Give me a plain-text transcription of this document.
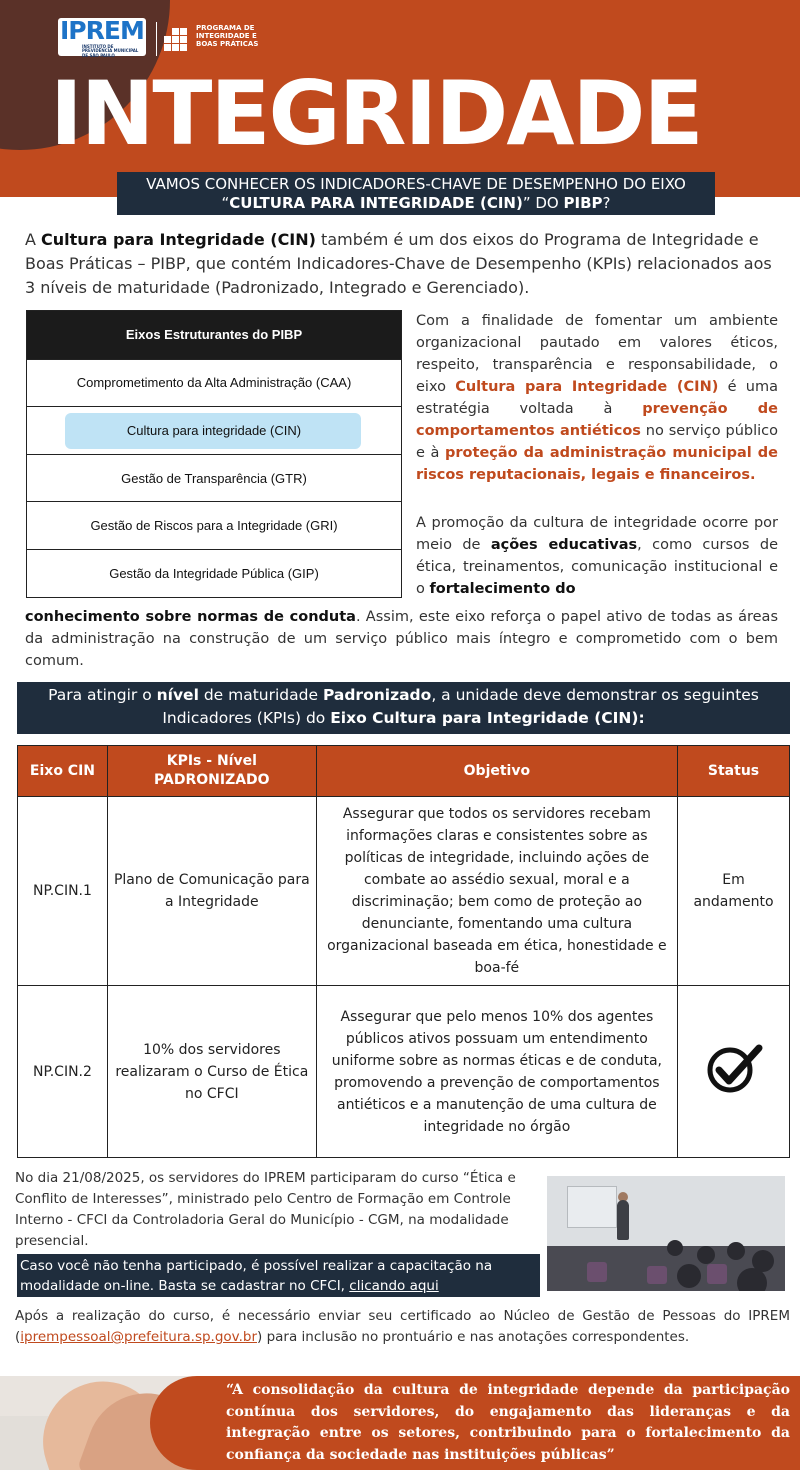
IPREM
INSTITUTO DE PREVIDÊNCIA MUNICIPAL DE SÃO PAULO
PROGRAMA DE INTEGRIDADE E BOAS PRÁTICAS
INTEGRIDADE
VAMOS CONHECER OS INDICADORES-CHAVE DE DESEMPENHO DO EIXO
“CULTURA PARA INTEGRIDADE (CIN)” DO PIBP?

A Cultura para Integridade (CIN) também é um dos eixos do Programa de Integridade e Boas Práticas – PIBP, que contém Indicadores-Chave de Desempenho (KPIs) relacionados aos 3 níveis de maturidade (Padronizado, Integrado e Gerenciado).

Eixos Estruturantes do PIBP
Comprometimento da Alta Administração (CAA)
Cultura para integridade (CIN)
Gestão de Transparência (GTR)
Gestão de Riscos para a Integridade (GRI)
Gestão da Integridade Pública (GIP)

Com a finalidade de fomentar um ambiente organizacional pautado em valores éticos, respeito, transparência e responsabilidade, o eixo Cultura para Integridade (CIN) é uma estratégia voltada à prevenção de comportamentos antiéticos no serviço público e à proteção da administração municipal de riscos reputacionais, legais e financeiros.

A promoção da cultura de integridade ocorre por meio de ações educativas, como cursos de ética, treinamentos, comunicação institucional e o fortalecimento do

conhecimento sobre normas de conduta. Assim, este eixo reforça o papel ativo de todas as áreas da administração na construção de um serviço público mais íntegro e comprometido com o bem comum.

Para atingir o nível de maturidade Padronizado, a unidade deve demonstrar os seguintes Indicadores (KPIs) do Eixo Cultura para Integridade (CIN):
Eixo CIN	KPIs - Nível PADRONIZADO	Objetivo	Status
NP.CIN.1	Plano de Comunicação para a Integridade	Assegurar que todos os servidores recebam informações claras e consistentes sobre as políticas de integridade, incluindo ações de combate ao assédio sexual, moral e a discriminação; bem como de proteção ao denunciante, fomentando uma cultura organizacional baseada em ética, honestidade e boa-fé	Em andamento
NP.CIN.2	10% dos servidores realizaram o Curso de Ética no CFCI	Assegurar que pelo menos 10% dos agentes públicos ativos possuam um entendimento uniforme sobre as normas éticas e de conduta, promovendo a prevenção de comportamentos antiéticos e a manutenção de uma cultura de integridade no órgão	

No dia 21/08/2025, os servidores do IPREM participaram do curso “Ética e Conflito de Interesses”, ministrado pelo Centro de Formação em Controle Interno - CFCI da Controladoria Geral do Município - CGM, na modalidade presencial.

Caso você não tenha participado, é possível realizar a capacitação na modalidade on-line. Basta se cadastrar no CFCI, clicando aqui

Após a realização do curso, é necessário enviar seu certificado ao Núcleo de Gestão de Pessoas do IPREM (iprempessoal@prefeitura.sp.gov.br) para inclusão no prontuário e nas anotações correspondentes.

“A consolidação da cultura de integridade depende da participação contínua dos servidores, do engajamento das lideranças e da integração entre os setores, contribuindo para o fortalecimento da confiança da sociedade nas instituições públicas”
